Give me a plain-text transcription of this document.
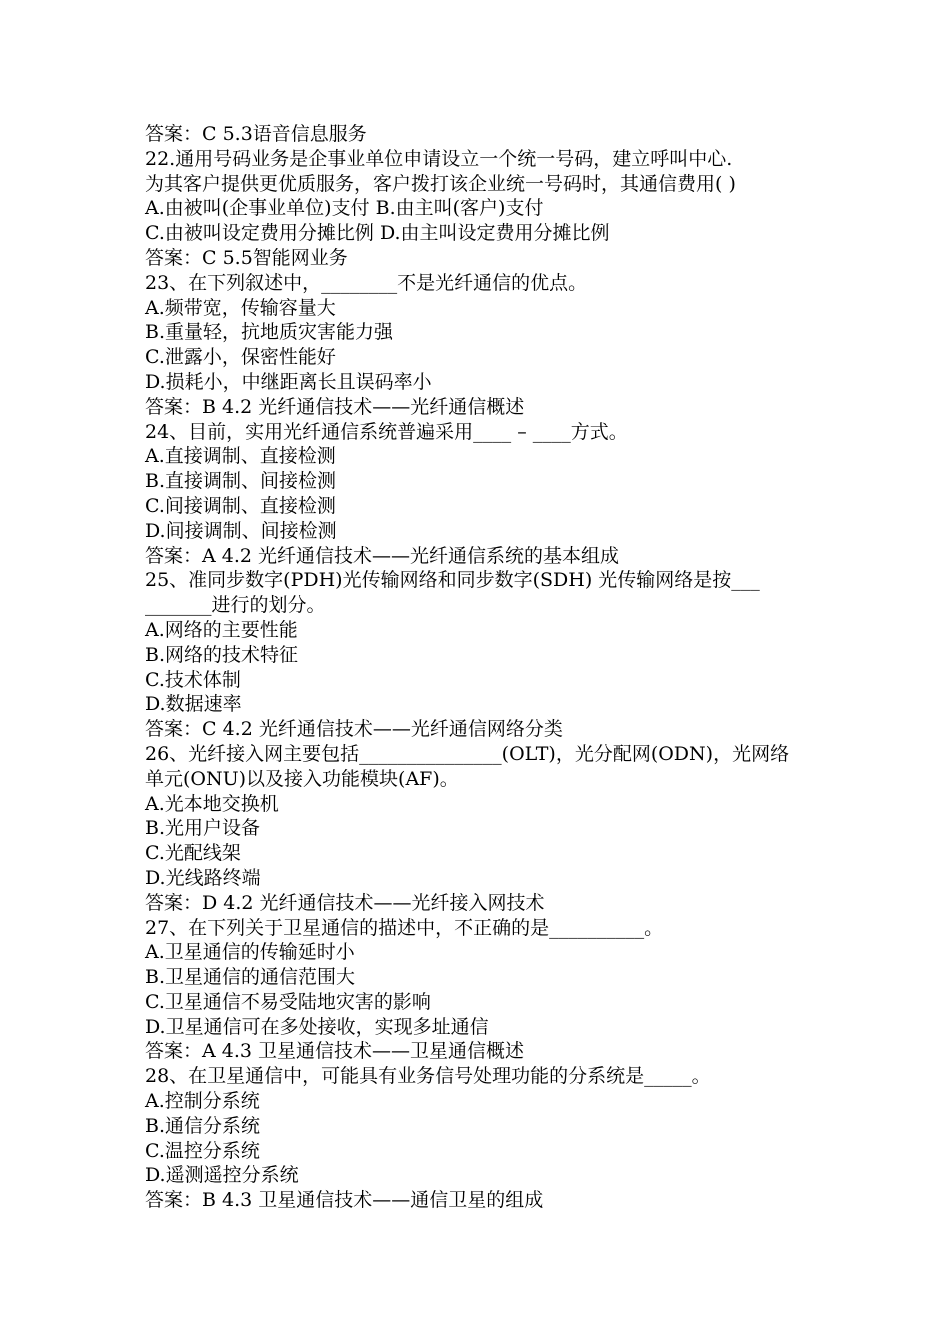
答案：C 5.3语音信息服务
22.通用号码业务是企事业单位申请设立一个统一号码，建立呼叫中心.
为其客户提供更优质服务，客户拨打该企业统一号码时，其通信费用( )
A.由被叫(企事业单位)支付 B.由主叫(客户)支付
C.由被叫设定费用分摊比例 D.由主叫设定费用分摊比例
答案：C 5.5智能网业务
23、在下列叙述中，________不是光纤通信的优点。
A.频带宽，传输容量大
B.重量轻，抗地质灾害能力强
C.泄露小，保密性能好
D.损耗小，中继距离长且误码率小
答案：B 4.2 光纤通信技术——光纤通信概述
24、目前，实用光纤通信系统普遍采用____ – ____方式。
A.直接调制、直接检测
B.直接调制、间接检测
C.间接调制、直接检测
D.间接调制、间接检测
答案：A 4.2 光纤通信技术——光纤通信系统的基本组成
25、准同步数字(PDH)光传输网络和同步数字(SDH) 光传输网络是按___
_______进行的划分。
A.网络的主要性能
B.网络的技术特征
C.技术体制
D.数据速率
答案：C 4.2 光纤通信技术——光纤通信网络分类
26、光纤接入网主要包括_______________(OLT)，光分配网(ODN)，光网络
单元(ONU)以及接入功能模块(AF)。
A.光本地交换机
B.光用户设备
C.光配线架
D.光线路终端
答案：D 4.2 光纤通信技术——光纤接入网技术
27、在下列关于卫星通信的描述中，不正确的是__________。
A.卫星通信的传输延时小
B.卫星通信的通信范围大
C.卫星通信不易受陆地灾害的影响
D.卫星通信可在多处接收，实现多址通信
答案：A 4.3 卫星通信技术——卫星通信概述
28、在卫星通信中，可能具有业务信号处理功能的分系统是_____。
A.控制分系统
B.通信分系统
C.温控分系统
D.遥测遥控分系统
答案：B 4.3 卫星通信技术——通信卫星的组成
